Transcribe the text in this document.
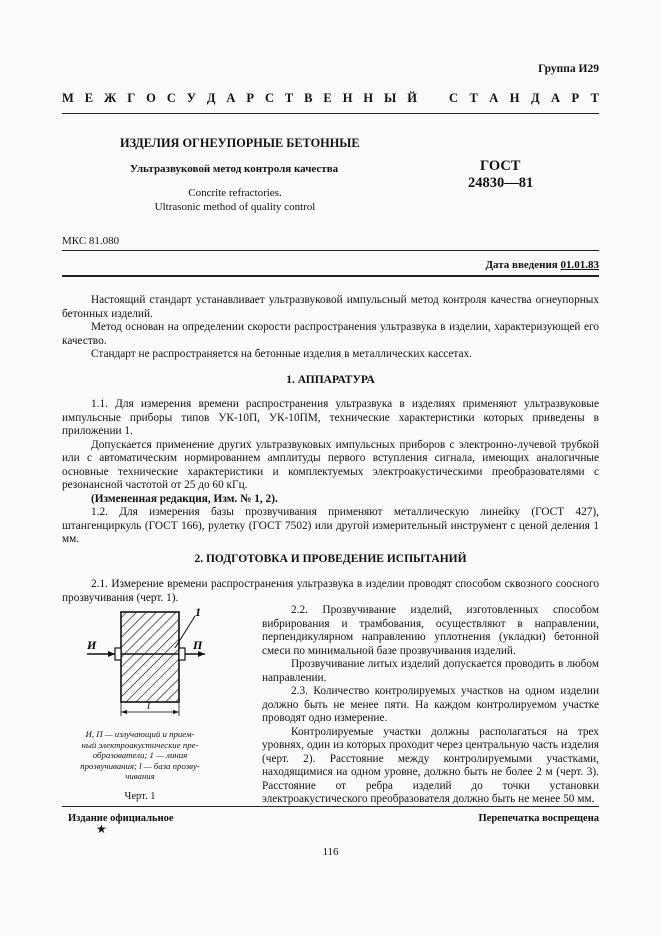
Группа И29
М Е Ж Г О С У Д А Р С Т В Е Н Н Ы Й	С Т А Н Д А Р Т
ИЗДЕЛИЯ ОГНЕУПОРНЫЕ БЕТОННЫЕ
Ультразвуковой метод контроля качества
Concrite refractories.
Ultrasonic method of quality control
ГОСТ
24830—81
МКС 81.080
Дата введения 01.01.83

Настоящий стандарт устанавливает ультразвуковой импульсный метод контроля качества огнеупорных бетонных изделий.

Метод основан на определении скорости распространения ультразвука в изделии, характеризующей его качество.

Стандарт не распространяется на бетонные изделия в металлических кассетах.

1. АППАРАТУРА

1.1. Для измерения времени распространения ультразвука в изделиях применяют ультразвуковые импульсные приборы типов УК-10П, УК-10ПМ, технические характеристики которых приведены в приложении 1.

Допускается применение других ультразвуковых импульсных приборов с электронно-лучевой трубкой или с автоматическим нормированием амплитуды первого вступления сигнала, имеющих аналогичные основные технические характеристики и комплектуемых электроакустическими преобразователями с резонансной частотой от 25 до 60 кГц.

(Измененная редакция, Изм. № 1, 2).

1.2. Для измерения базы прозвучивания применяют металлическую линейку (ГОСТ 427), штангенциркуль (ГОСТ 166), рулетку (ГОСТ 7502) или другой измерительный инструмент с ценой деления 1 мм.

2. ПОДГОТОВКА И ПРОВЕДЕНИЕ ИСПЫТАНИЙ

2.1. Измерение времени распространения ультразвука в изделии проводят способом сквозного соосного прозвучивания (черт. 1).

2.2. Прозвучивание изделий, изготовленных способом вибрирования и трамбования, осуществляют в направлении, перпендикулярном направлению уплотнения (укладки) бетонной смеси по минимальной базе прозвучивания изделий.

Прозвучивание литых изделий допускается проводить в любом направлении.

2.3. Количество контролируемых участков на одном изделии должно быть не менее пяти. На каждом контролируемом участке проводят одно измерение.

Контролируемые участки должны располагаться на трех уровнях, один из которых проходит через центральную часть изделия (черт. 2). Расстояние между контролируемыми участками, находящимися на одном уровне, должно быть не более 2 м (черт. 3). Расстояние от ребра изделий до точки установки электроакустического преобразователя должно быть не менее 50 мм.

И	П
1
l
И, П — излучающий и прием-
ный электроакустические пре-
образователи; 1 — линия
прозвучивания; l — база прозву-
чивания
Черт. 1
Издание официальное
★
Перепечатка воспрещена
116
